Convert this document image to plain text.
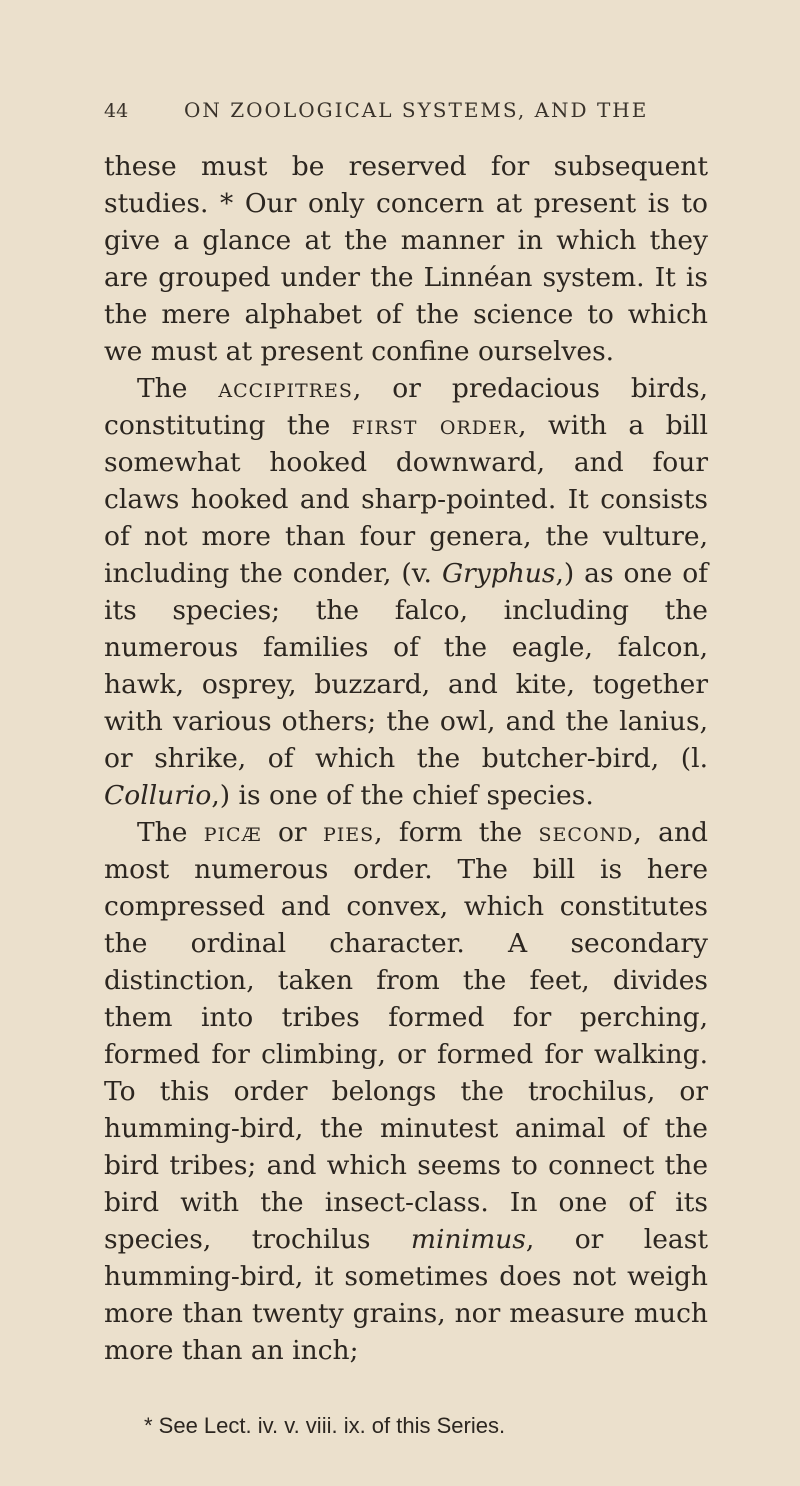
44	ON ZOOLOGICAL SYSTEMS, AND THE

these must be reserved for subsequent studies. * Our only concern at present is to give a glance at the manner in which they are grouped under the Linnéan system. It is the mere alphabet of the science to which we must at present confine ourselves.

The accipitres, or predacious birds, constituting the first order, with a bill somewhat hooked downward, and four claws hooked and sharp-pointed. It consists of not more than four genera, the vulture, including the conder, (v. Gryphus,) as one of its species; the falco, including the numerous families of the eagle, falcon, hawk, osprey, buzzard, and kite, together with various others; the owl, and the lanius, or shrike, of which the butcher-bird, (l. Collurio,) is one of the chief species.

The picæ or pies, form the second, and most numerous order. The bill is here compressed and convex, which constitutes the ordinal character. A secondary distinction, taken from the feet, divides them into tribes formed for perching, formed for climbing, or formed for walking. To this order belongs the trochilus, or humming-bird, the minutest animal of the bird tribes; and which seems to connect the bird with the insect-class. In one of its species, trochilus minimus, or least humming-bird, it sometimes does not weigh more than twenty grains, nor measure much more than an inch;

* See Lect. iv. v. viii. ix. of this Series.
